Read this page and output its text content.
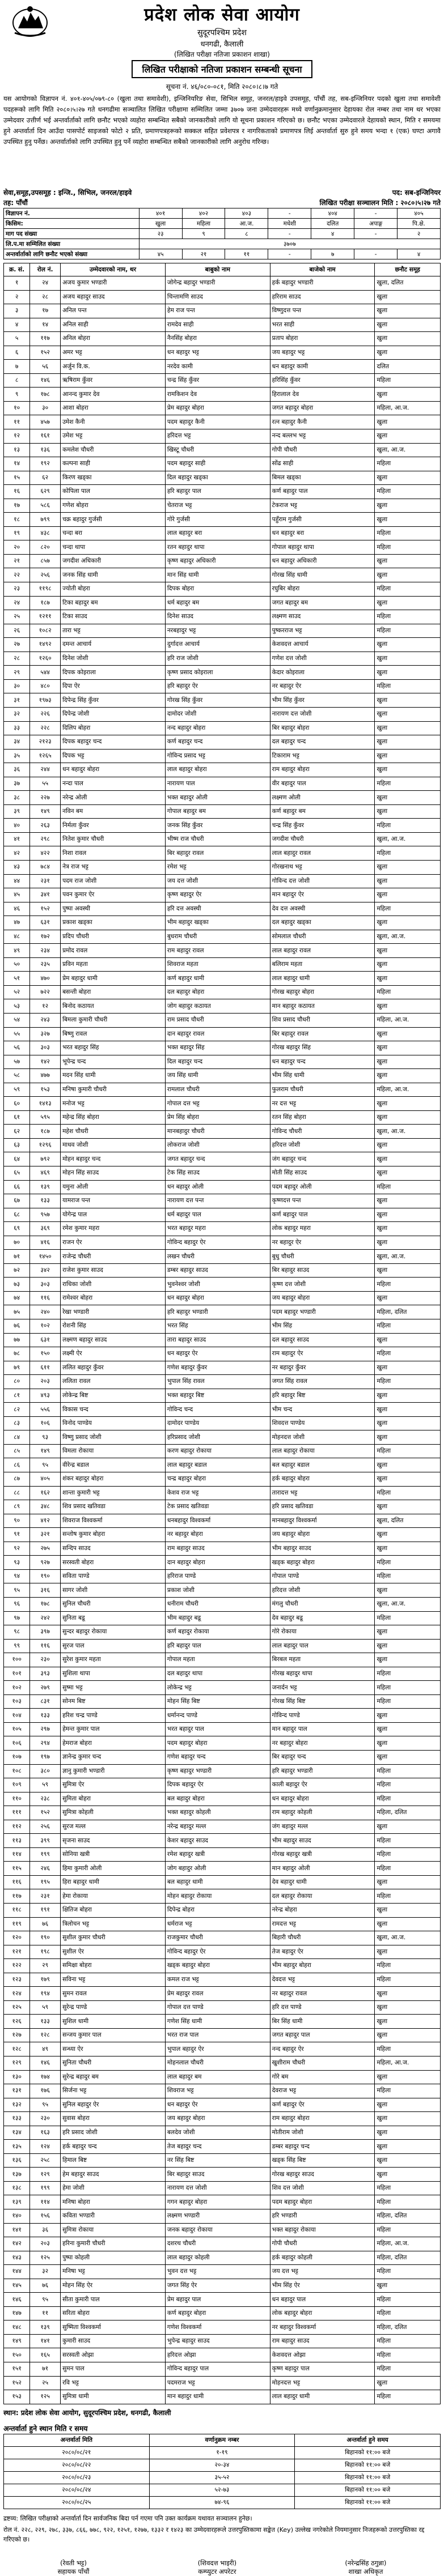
प्रदेश लोक सेवा आयोग
सुदूरपश्चिम प्रदेश
धनगढी, कैलाली
(लिखित परीक्षा नतिजा प्रकाशन शाखा)
लिखित परीक्षाको नतिजा प्रकाशन सम्बन्धी सूचना
सूचना नं. ४६/०८०-०८१, मिति २०८०।८।७ गते
यस आयोगको विज्ञापन नं. ४०१-४०५/०७९-८० (खुला तथा समावेशी), इन्जिनियरिङ सेवा, सिभिल समूह, जनरल/हाइवे उपसमूह, पाँचौं तह, सब-इन्जिनियर पदको खुला तथा समावेशी पदहरूको लागि मिति २०८०।५।२७ गते धनगढीमा सञ्चालित लिखित परीक्षामा सम्मिलित जम्मा ३७०७ जना उम्मेदवारहरू मध्ये वर्णानुक्रमानुसार देहायका रोल नम्बर तथा नाम थर भएका उम्मेदवार उत्तीर्ण भई अन्तर्वार्ताको लागि छनौट भएको व्यहोरा सम्बन्धित सबैको जानकारीको लागि यो सूचना प्रकाशन गरिएको छ। छनौट भएका उम्मेदवारले देहायको स्थान, मिति र समयमा हुने अन्तर्वार्ता दिन आउँदा पासपोर्ट साइजको फोटो २ प्रति, प्रमाणपत्रहरूको सक्कल सहित प्रवेशपत्र र नागरिकताको प्रमाणपत्र लिई अन्तर्वार्ता सुरु हुने समय भन्दा १ (एक) घण्टा अगावै उपस्थित हुनु पर्नेछ। अन्तर्वार्ताको लागि उपस्थित हुनु पर्ने व्यहोरा सम्बन्धित सबैको जानकारीको लागि अनुरोध गरिन्छ।
सेवा,समूह,उपसमूह : इन्जि., सिभिल, जनरल/हाइवे	पद: सब-इन्जिनियर
तह: पाँचौं	लिखित परीक्षा सञ्चालन मिति : २०८०।५।२७ गते
विज्ञापन नं.	४०१	४०२	४०३	-	४०४	-	४०५
किसिम:	खुला	महिला	आ.ज.	मधेशी	दलित	अपाङ्ग	पि.क्षे.
माग पद संख्या	२३	९	८	-	४	-	२
लि.प.मा सम्मिलित संख्या	३७०७						
अन्तर्वार्ताको लागि छनौट भएको संख्या	४५	२१	११	-	७	-	४
क्र. सं.	रोल नं.	उम्मेदवारको नाम, थर	बाबुको नाम	बाजेको नाम	छनौट समूह
१	२४	अजय कुमार भण्डारी	जोगेन्द्र बहादुर भण्डारी	हर्क बहादुर भण्डारी	खुला, दलित
२	२८	अजय बहादुर साउद	चिन्तामणि साउद	हरिराम साउद	खुला
३	१७	अनिल पन्त	हेम राज पन्त	विष्णुदत्त पन्त	खुला
४	१४	अनिल साही	रामदेव साही	भरत साही	खुला
५	११७	अनिल बोहरा	नैनसिंह बोहरा	प्रताप बोहरा	खुला
६	१५२	अमर भट्ट	धन बहादुर भट्ट	जय बहादुर भट्ट	खुला
७	५६	अर्जुन वि.क.	नरदेव कामी	धन बहादुर कामी	दलित
८	१४६	ऋषिराम कुँवर	चन्द्र सिंह कुँवर	हरिसिंह कुँवर	महिला
९	१७८	आनन्द कुमार देव	रामकिशन देव	हिरालाल देव	खुला
१०	३०	आशा बोहरा	प्रेम बहादुर बोहरा	जगत बहादुर बोहरा	महिला, आ.ज.
११	४५७	उमेश कैनी	पदम बहादुर कैनी	रत्न बहादुर कैनी	खुला
१२	१६१	उमेश भट्ट	हरिदत्त भट्ट	नन्द बल्लभ भट्ट	खुला
१३	१३६	कमलेश चौधरी	खिस्टू चौधरी	गोपी चौधरी	खुला, आ.ज.
१४	१९२	कल्पना साही	पदम बहादुर साही	सोंढ साही	महिला
१५	६२	किरण खड्का	दिल बहादुर खड्का	बिमल खड्का	खुला
१६	६२९	कोपिला पाल	हरि बहादुर पाल	कर्ण बहादुर पाल	महिला
१७	५८६	गणेश बोहरा	चेतराज भट्ट	टेकराज भट्ट	खुला
१८	७९९	चक्र बहादुर गुर्जसी	गोरे गुर्जसी	पहुँराम गुर्जसी	खुला
१९	४३८	चन्दा बरा	लाल बहादुर बरा	धन बहादुर बरा	महिला
२०	८२०	चन्दा थापा	रतन बहादुर थापा	गोपाल बहादुर थापा	महिला
२१	८५७	जगदीश अधिकारी	कृष्ण बहादुर अधिकारी	धन बहादुर अधिकारी	खुला
२२	२५६	जनक सिंह धामी	मान सिंह धामी	गोरख सिंह धामी	खुला
२३	११९८	ज्योती बोहरा	दिपक बोहरा	रघुबिर बोहरा	महिला
२४	१८७	टिका बहादुर बम	धर्म बहादुर बम	जगत बहादुर बम	खुला
२५	१२११	टिका साउद	दिनेश साउद	लक्ष्मण साउद	महिला
२६	१०८२	तारा भट्ट	नरबहादुर भट्ट	पुष्करराज भट्ट	महिला
२७	१४९२	दमन्त आचार्य	दुर्गादत्त आचार्य	केशवदत्त आचार्य	खुला
२८	१२६०	दिनेश जोशी	हरि राज जोशी	गणेश दत्त जोशी	खुला
२९	५४४	दिपक कोइराला	कृष्ण प्रसाद कोइराला	केदार कोइराला	खुला
३०	४८०	दिपा ऐर	हरि बहादुर ऐर	नर बहादुर ऐर	महिला
३१	१९७३	दिपेन्द्र सिंह कुँवर	गोरख सिंह कुँवर	भीम सिंह कुँवर	खुला
३२	२२६	दिपेन्द्र जोशी	दामोदर जोशी	नारायण दत्त जोशी	खुला
३३	२२८	दिलिप बोहरा	नन्द बहादुर बोहरा	बिर बहादुर बोहरा	खुला
३४	२१२३	दिपक बहादुर चन्द	कर्ण बहादुर चन्द	दल बहादुर चन्द	खुला
३५	१२६५	दिपक भट्ट	गोविन्द प्रसाद भट्ट	टिकाराम भट्ट	खुला
३६	२४४	धन बहादुर बोहरा	लाल बहादुर बोहरा	राम बहादुर बोहरा	खुला
३७	५५	नन्दा पाल	नारायण पाल	वीर बहादुर पाल	महिला
३८	२२७	नरेन्द्र ओली	भक्त बहादुर ओली	लक्ष्मण ओली	खुला
३९	१४९	नविन बम	गोपाल बहादुर बम	कर्ण बहादुर बम	खुला
४०	२६३	निर्मला कुँवर	जनक सिंह कुँवर	चन्द्र सिंह कुँवर	महिला
४१	२९८	नितेश कुमार चौधरी	भीष्म राज चौधरी	जगदीश चौधरी	खुला, आ.ज.
४२	४२२	निशा रावल	बिर बहादुर रावल	लाल बहादुर रावल	महिला
४३	७८४	नेत्र राज भट्ट	रमेश भट्ट	गोरखनाथ भट्ट	खुला
४४	२३१	पदम राज जोशी	जय दत्त जोशी	गोविन्द दत्त जोशी	खुला
४५	३४१	पवन कुमार ऐर	कृष्ण बहादुर ऐर	मान बहादुर ऐर	खुला
४६	१५२	पुष्पा अवस्थी	हरि दत्त अवस्थी	देव दत्त अवस्थी	महिला
४७	६३१	प्रकाश खड्का	भीम बहादुर खड्का	दल बहादुर खड्का	खुला
४८	१७२	प्रदिप चौधरी	बुधराम चौधरी	सोमलाल चौधरी	खुला, आ.ज.
४९	२३४	प्रमोद रावल	राम बहादुर रावल	लाल बहादुर रावल	खुला
५०	२३५	प्रविन महता	शिवराज महता	बलिराम महता	खुला
५१	४७०	प्रेम बहादुर धामी	कर्ण बहादुर धामी	लाल बहादुर धामी	खुला
५२	७२२	बसन्ती बोहरा	दल बहादुर बोहरा	गोरख बहादुर बोहरा	महिला
५३	१२	बिनोद कठायत	जोग बहादुर कठायत	मान बहादुर कठायत	खुला
५४	२४३	बिमला कुमारी चौधरी	राम प्रसाद चौधरी	शिव प्रसाद चौधरी	महिला, आ.ज.
५५	३२७	बिष्णु रावल	दान बहादुर रावल	बिर बहादुर रावल	खुला
५६	३०३	भरत बहादुर सिंह	भक्त बहादुर सिंह	गोरख बहादुर सिंह	खुला
५७	१४२	भूपेन्द्र चन्द	दिल बहादुर चन्द	धन बहादुर चन्द	खुला
५८	४७७	मदन सिंह धामी	जय सिंह धामी	भीम सिंह धामी	खुला
५९	१५३	मनिषा कुमारी चौधरी	रामलाल चौधरी	फुलराम चौधरी	महिला, आ.ज.
६०	१४१३	मनोज भट्ट	गोपाल दत्त भट्ट	नर दत्त भट्ट	खुला
६१	५९५	महेन्द्र सिंह बोहरा	प्रेम सिंह बोहरा	रतन सिंह बोहरा	खुला
६२	१८७	महेश चौधरी	मानबहादुर चौधरी	गोविन्द चौधरी	खुला, आ.ज.
६३	१२९६	माधव जोशी	लोकराज जोशी	हरिदत्त जोशी	खुला
६४	७९२	मोहन बहादुर चन्द	जगत बहादुर चन्द	जंग बहादुर चन्द	खुला
६५	४६९	मोहन सिंह साउद	टेक सिंह साउद	मोती सिंह साउद	खुला
६६	१३९	यमुना ओली	धन बहादुर ओली	पदम बहादुर ओली	महिला
६७	१३३	यामराज पन्त	नारायण दत्त पन्त	कृष्णदत्त पन्त	खुला
६८	९५७	योगेन्द्र पाल	धर्म बहादुर पाल	कर्ण बहादुर पाल	खुला
६९	३६९	रमेश कुमार महरा	भरत बहादुर महरा	लोक बहादुर महरा	खुला
७०	४१६	राजन ऐर	गोविन्द बहादुर ऐर	नर बहादुर ऐर	खुला
७१	१४५०	राजेन्द्र चौधरी	लखन चौधरी	बुधु चौधरी	खुला, आ.ज.
७२	३४२	राजेश कुमार साउद	डम्बर बहादुर साउद	बिर बहादुर साउद	खुला
७३	३०३	राधिका जोशी	भुवनेश्वर जोशी	कृष्ण दत्त जोशी	महिला
७४	११६	रामेश्वर बोहरा	धन बहादुर बोहरा	जय बहादुर बोहरा	खुला
७५	२४०	रेखा भण्डारी	हरि बहादुर भण्डारी	पदम बहादुर भण्डारी	महिला, दलित
७६	१०२	रोशनी सिंह	भरत सिंह	भीम सिंह	महिला
७७	६३१	लक्ष्मण बहादुर साउद	तारा बहादुर साउद	दल बहादुर साउद	खुला
७८	१५०	लक्ष्मी ऐर	धन बहादुर ऐर	राम बहादुर ऐर	महिला
७९	६११	ललित बहादुर कुँवर	गणेश बहादुर कुँवर	नर बहादुर कुँवर	खुला
८०	२०३	ललिता रावल	भुपाल सिंह रावल	जगत सिंह रावल	महिला
८१	४९३	लोकेन्द्र बिष्ट	भक्त बहादुर बिष्ट	हरि बहादुर बिष्ट	खुला
८२	५५६	विकास चन्द	गोविन्द चन्द	भीम चन्द	खुला
८३	१०६	विनोद पाण्डेय	दामोदर पाण्डेय	शिवदत्त पाण्डेय	खुला
८४	९३	विष्णु प्रसाद जोशी	हरिप्रसाद जोशी	मोहनदत्त जोशी	खुला
८५	१४९	विमला रोकाया	करण बहादुर रोकाया	लाल बहादुर रोकाया	महिला
८६	९५	वीरेन्द्र बडाल	लाल बहादुर बडाल	बल बहादुर बडाल	खुला
८७	४०५	शंकर बहादुर बोहरा	चन्द्र बहादुर बोहरा	हर्क बहादुर बोहरा	खुला
८८	१६२	शान्ता कुमारी भट्ट	केशव राज भट्ट	तारादत्त भट्ट	महिला
८९	३४८	शिव प्रसाद खतिवडा	टेक प्रसाद खतिवडा	हरि प्रसाद खतिवडा	खुला
९०	४१२	शिवराज विश्वकर्मा	धनबहादुर विश्वकर्मा	मानबहादुर विश्वकर्मा	खुला, दलित
९१	३२१	सन्तोष कुमार बोहरा	नर बहादुर बोहरा	जय बहादुर बोहरा	खुला
९२	२७५	सन्दिप साउद	राम बहादुर साउद	भीम बहादुर साउद	खुला
९३	९२७	सरस्वती बोहरा	दान बहादुर बोहरा	खड्क बहादुर बोहरा	महिला
९४	१९०	सविता पाण्डे	हरिराज पाण्डे	गोपाल पाण्डे	महिला
९५	३१६	सागर जोशी	प्रकाश जोशी	हरिदत्त जोशी	खुला
९६	१७८	सुनिल चौधरी	धनीराम चौधरी	मंगलु चौधरी	खुला, आ.ज.
९७	२४२	सुनिता बडू	भीम बहादुर बडू	देव बहादुर बडू	महिला
९८	३९७	सुन्दर बहादुर रोकाया	कर्ण बहादुर रोकाया	गोरे रोकाया	खुला
९९	११६	सुरज पाल	हरि बहादुर पाल	लाल बहादुर पाल	खुला
१००	२३०	सुरेश कुमार महता	गोपाल महता	बिरबल महता	खुला
१०१	३९३	सुशिला थापा	दल बहादुर थापा	गोरख बहादुर थापा	महिला
१०२	२७९	सुष्मा भट्ट	लोकेन्द्र भट्ट	जनार्दन भट्ट	महिला
१०३	८३१	सोनम बिष्ट	मोहन सिंह बिष्ट	गोरख सिंह बिष्ट	महिला
१०४	१३३	हरिश चन्द्र पाण्डे	धर्मानन्द पाण्डे	गोविन्द पाण्डे	खुला
१०५	२९७	हेमन्त कुमार पाल	भरत बहादुर पाल	मान बहादुर पाल	खुला
१०६	२९४	हेमराज बोहरा	पदम बहादुर बोहरा	नर बहादुर बोहरा	खुला
१०७	१९७	ज्ञानेन्द्र कुमार चन्द	गणेश बहादुर चन्द	बिर बहादुर चन्द	खुला
१०८	३८०	ज्ञानु कुमारी भण्डारी	कृष्ण बहादुर भण्डारी	हरि बहादुर भण्डारी	महिला
१०९	५९	सुमित्रा ऐर	दिपक बहादुर ऐर	काली बहादुर ऐर	महिला
११०	२३८	सुमिता बोहरा	बल बहादुर बोहरा	धन बहादुर बोहरा	महिला
१११	१५२	सुमित्रा कोहली	भक्त बहादुर कोहली	राम बहादुर कोहली	महिला, दलित
११२	२५६	सुरज मल्ल	नरेन्द्र बहादुर मल्ल	जंग बहादुर मल्ल	खुला
११३	३९९	सृजना साउद	केशर बहादुर साउद	भीम बहादुर साउद	महिला
११४	१९९	सोनिया खत्री	रमेश बहादुर खत्री	गोरख बहादुर खत्री	महिला
११५	२४६	हिमा कुमारी ओली	जोग बहादुर ओली	मान बहादुर ओली	महिला
११६	१९५	हिरा बहादुर धामी	बल बहादुर धामी	देव बहादुर धामी	खुला
११७	२३१	हेमा रोकाया	मोहन बहादुर रोकाया	दल बहादुर रोकाया	महिला
११८	१९१	क्षितिज बोहरा	दिपेन्द्र बोहरा	नरेन्द्र बोहरा	खुला
११९	७६	त्रिलोचन भट्ट	धर्मराज भट्ट	रामदत्त भट्ट	खुला
१२०	१९०	सुशील कुमार चौधरी	राजकुमार चौधरी	बिहारी चौधरी	खुला, आ.ज.
१२१	१९८	सुशील ऐर	गोविन्द बहादुर ऐर	तेज बहादुर ऐर	खुला
१२२	२९	समिक्षा बोहरा	खड्क बहादुर बोहरा	भीम बहादुर बोहरा	महिला
१२३	१७९	सविना भट्ट	कमल राज भट्ट	देवदत्त भट्ट	महिला
१२४	१९४	सुमन रावल	प्रेम बहादुर रावल	नर बहादुर रावल	खुला
१२५	५९	सुरेन्द्र पाण्डे	गोपाल दत्त पाण्डे	हरि दत्त पाण्डे	खुला
१२६	१३३	सुशिल धामी	गणेश सिंह धामी	बिर सिंह धामी	खुला
१२७	१२८	सन्जय कुमार पाल	भरत राज पाल	जगत बहादुर पाल	खुला
१२८	४९	सन्ध्या ऐर	भुपाल बहादुर ऐर	नन्द बहादुर ऐर	महिला
१२९	१४६	सुनिता चौधरी	मोहनलाल चौधरी	खुशीराम चौधरी	महिला, आ.ज.
१३०	१७४	सुरेन्द्र बहादुर बम	लाल बहादुर बम	गोरे बम	खुला
१३१	१७६	सिर्जना भट्ट	शिवराज भट्ट	देवराज भट्ट	महिला
१३२	९५	सुनिल बहादुर ऐर	धन बहादुर ऐर	कर्ण बहादुर ऐर	खुला
१३३	२३०	सुवास बोहरा	जय बहादुर बोहरा	राम बहादुर बोहरा	खुला
१३४	१६३	हरि प्रसाद जोशी	बलदेव जोशी	मोतीराम जोशी	खुला
१३५	१२४	हर्क बहादुर चन्द	तेज बहादुर चन्द	डम्बर बहादुर चन्द	खुला
१३६	२५८	हिमाल बिष्ट	नर सिंह बिष्ट	खड्क सिंह बिष्ट	खुला
१३७	१२९	हेम बहादुर साउद	बिर बहादुर साउद	गोरख बहादुर साउद	खुला
१३८	१९९	हेमा जोशी	नारायण दत्त जोशी	शिव दत्त जोशी	महिला
१३९	११४	मनिषा बोहरा	गगन बहादुर बोहरा	पदम बहादुर बोहरा	महिला
१४०	१५६	कविता भण्डारी	लक्ष्मण भण्डारी	हरि भण्डारी	महिला, दलित
१४१	३६	सुमित्रा रोकाया	जनक बहादुर रोकाया	भक्त बहादुर रोकाया	महिला
१४२	२०३	हरिना कुमारी चौधरी	दशरथ चौधरी	गोपी चौधरी	महिला, आ.ज.
१४३	१२५	पुष्पा कोहली	लाल बहादुर कोहली	हर्क बहादुर कोहली	महिला, दलित
१४४	३२	मनिषा भट्ट	भुवन दत्त भट्ट	जय दत्त भट्ट	महिला
१४५	७६	मोहन सिंह ऐर	जगत सिंह ऐर	भीम सिंह ऐर	खुला
१४६	९५	सीता कुमारी पाल	प्रेम बहादुर पाल	धन बहादुर पाल	महिला
१४७	११	सरिता बोहरा	कर्ण बहादुर बोहरा	लोक बहादुर बोहरा	महिला
१४८	१३९	सुष्मिता विश्वकर्मा	गणेश विश्वकर्मा	नर बहादुर विश्वकर्मा	महिला, दलित
१४९	१४१	कुमारी साउद	भुपेन्द्र बहादुर साउद	राम बहादुर साउद	महिला
१५०	१६५	सरस्वती ओझा	हरिदत्त ओझा	केशवदत्त ओझा	महिला
१५१	७१	सुमन पाल	गोविन्द बहादुर पाल	कृष्ण बहादुर पाल	महिला
१५२	२५	रवि भट्ट	पदमराज भट्ट	मोहनदत्त भट्ट	खुला
१५३	१२५	सुमित्रा धामी	मान बहादुर धामी	लाल बहादुर धामी	महिला
स्थान: प्रदेश लोक सेवा आयोग, सुदूरपश्चिम प्रदेश, धनगढी, कैलाली
अन्तर्वार्ता हुने स्थान मिति र समय
अन्तर्वार्ता मिति	वर्णानुक्रम नम्बर	अन्तर्वार्ता हुने समय
२०८०/०८/२१	१-१९	बिहानको ११:०० बजे
२०८०/०८/२२	२०-३४	बिहानको ११:०० बजे
२०८०/०८/२३	३५-५२	बिहानको ११:०० बजे
२०८०/०८/२४	५२-७३	बिहानको ११:०० बजे
२०८०/०८/२५	७४-९६	बिहानको ११:०० बजे

द्रष्टव्य: लिखित परीक्षाको अन्तर्वार्ता दिन सार्वजनिक बिदा पर्न गएमा पनि उक्त कार्यक्रम यथावत सञ्चालन हुनेछ।

रोल नं. २२८, २२९, २७८, ३३७, ८६६, ७७८, ९२२, १२५१, १२७७, १३३२ र १४२३ का उम्मेदवारहरूले उत्तरपुस्तिकामा सङ्केत (Key) उल्लेख नगरेकोले नियमानुसार निजहरूको उत्तरपुस्तिका रद्द गरिएको छ।

(रेवती भट्ट)
सहायक पाँचौं
(शिवदत्त भाइरी)
कम्प्युटर अपरेटर
(नरेन्द्रसिंह ठगुन्ना)
शाखा अधिकृत
